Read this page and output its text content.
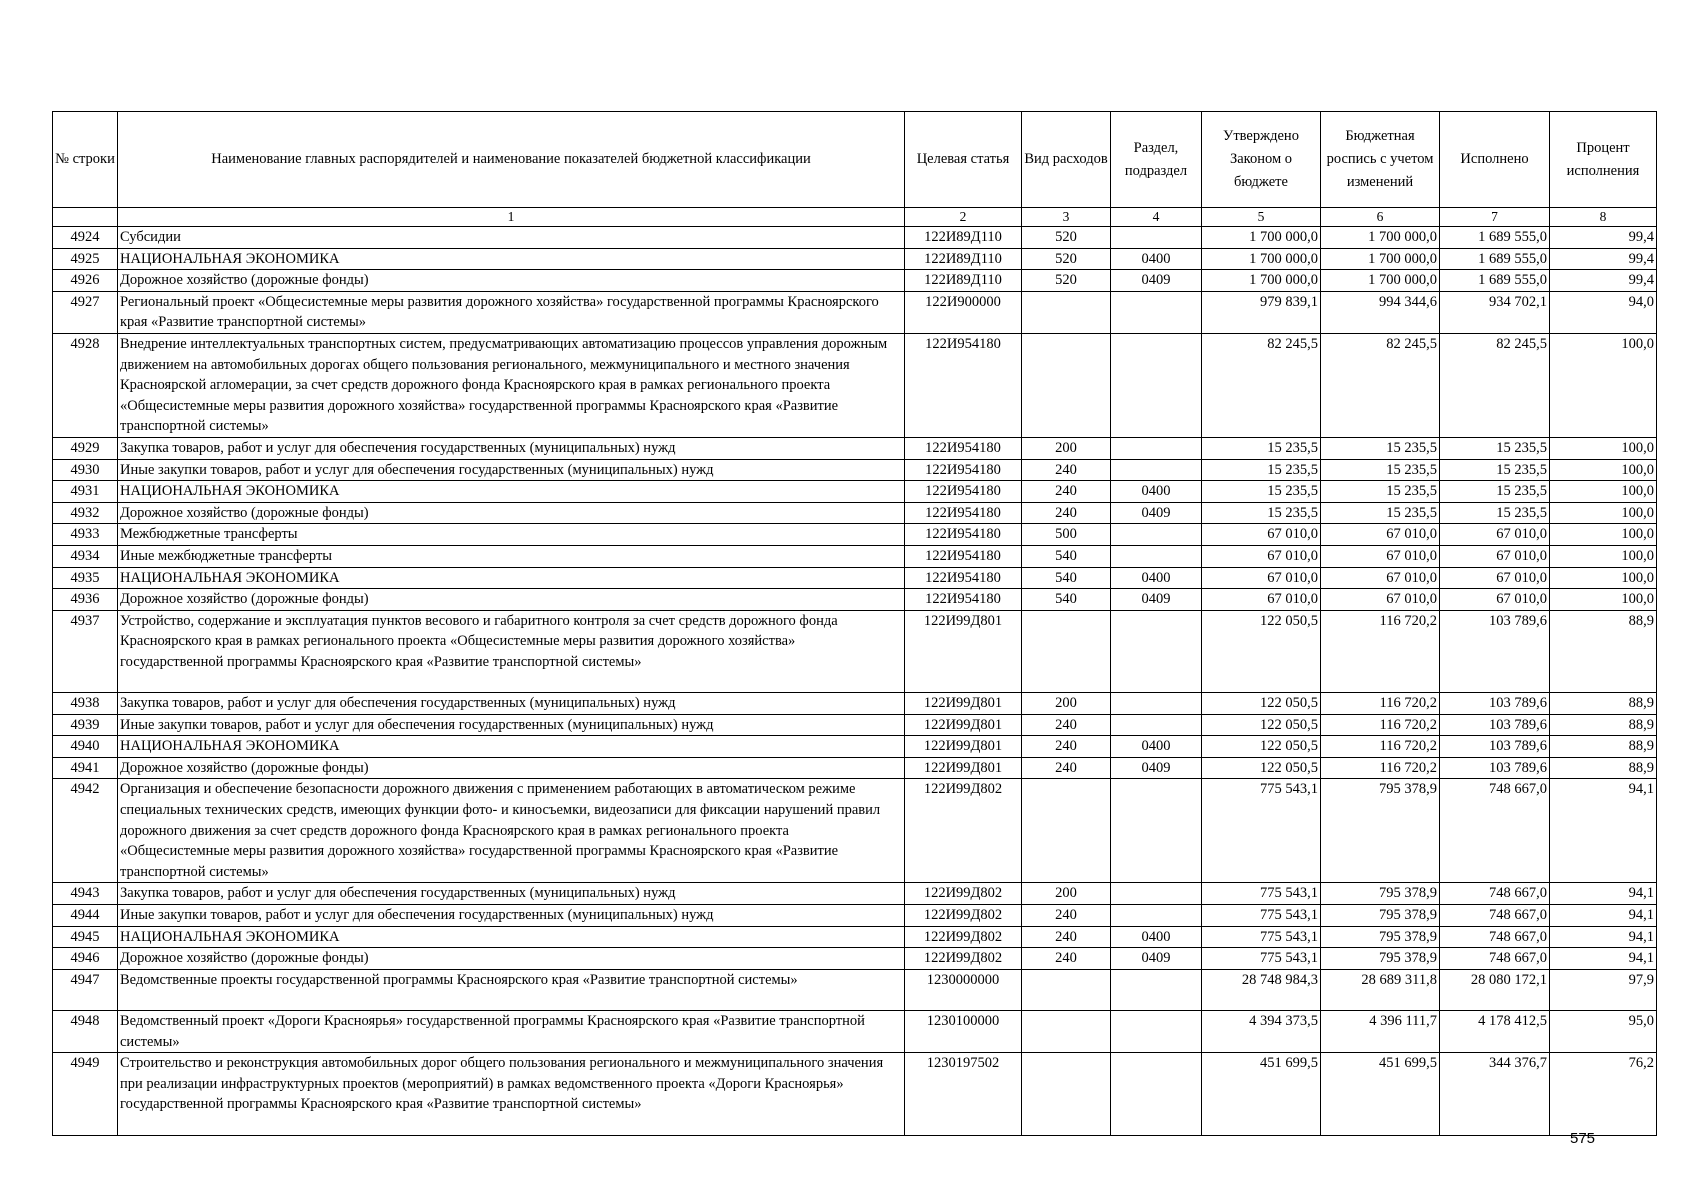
№ строки	Наименование главных распорядителей и наименование показателей бюджетной классификации	Целевая статья	Вид расходов	Раздел, подраздел	Утверждено Законом о бюджете	Бюджетная роспись с учетом изменений	Исполнено	Процент исполнения
	1	2	3	4	5	6	7	8
4924	Субсидии	122И89Д110	520		1 700 000,0	1 700 000,0	1 689 555,0	99,4
4925	НАЦИОНАЛЬНАЯ ЭКОНОМИКА	122И89Д110	520	0400	1 700 000,0	1 700 000,0	1 689 555,0	99,4
4926	Дорожное хозяйство (дорожные фонды)	122И89Д110	520	0409	1 700 000,0	1 700 000,0	1 689 555,0	99,4
4927	Региональный проект «Общесистемные меры развития дорожного хозяйства» государственной программы Красноярского края «Развитие транспортной системы»	122И900000			979 839,1	994 344,6	934 702,1	94,0
4928	Внедрение интеллектуальных транспортных систем, предусматривающих автоматизацию процессов управления дорожным движением на автомобильных дорогах общего пользования регионального, межмуниципального и местного значения Красноярской агломерации, за счет средств дорожного фонда Красноярского края в рамках регионального проекта «Общесистемные меры развития дорожного хозяйства» государственной программы Красноярского края «Развитие транспортной системы»	122И954180			82 245,5	82 245,5	82 245,5	100,0
4929	Закупка товаров, работ и услуг для обеспечения государственных (муниципальных) нужд	122И954180	200		15 235,5	15 235,5	15 235,5	100,0
4930	Иные закупки товаров, работ и услуг для обеспечения государственных (муниципальных) нужд	122И954180	240		15 235,5	15 235,5	15 235,5	100,0
4931	НАЦИОНАЛЬНАЯ ЭКОНОМИКА	122И954180	240	0400	15 235,5	15 235,5	15 235,5	100,0
4932	Дорожное хозяйство (дорожные фонды)	122И954180	240	0409	15 235,5	15 235,5	15 235,5	100,0
4933	Межбюджетные трансферты	122И954180	500		67 010,0	67 010,0	67 010,0	100,0
4934	Иные межбюджетные трансферты	122И954180	540		67 010,0	67 010,0	67 010,0	100,0
4935	НАЦИОНАЛЬНАЯ ЭКОНОМИКА	122И954180	540	0400	67 010,0	67 010,0	67 010,0	100,0
4936	Дорожное хозяйство (дорожные фонды)	122И954180	540	0409	67 010,0	67 010,0	67 010,0	100,0
4937	Устройство, содержание и эксплуатация пунктов весового и габаритного контроля за счет средств дорожного фонда Красноярского края в рамках регионального проекта «Общесистемные меры развития дорожного хозяйства» государственной программы Красноярского края «Развитие транспортной системы»	122И99Д801			122 050,5	116 720,2	103 789,6	88,9
4938	Закупка товаров, работ и услуг для обеспечения государственных (муниципальных) нужд	122И99Д801	200		122 050,5	116 720,2	103 789,6	88,9
4939	Иные закупки товаров, работ и услуг для обеспечения государственных (муниципальных) нужд	122И99Д801	240		122 050,5	116 720,2	103 789,6	88,9
4940	НАЦИОНАЛЬНАЯ ЭКОНОМИКА	122И99Д801	240	0400	122 050,5	116 720,2	103 789,6	88,9
4941	Дорожное хозяйство (дорожные фонды)	122И99Д801	240	0409	122 050,5	116 720,2	103 789,6	88,9
4942	Организация и обеспечение безопасности дорожного движения с применением работающих в автоматическом режиме специальных технических средств, имеющих функции фото- и киносъемки, видеозаписи для фиксации нарушений правил дорожного движения за счет средств дорожного фонда Красноярского края в рамках регионального проекта «Общесистемные меры развития дорожного хозяйства» государственной программы Красноярского края «Развитие транспортной системы»	122И99Д802			775 543,1	795 378,9	748 667,0	94,1
4943	Закупка товаров, работ и услуг для обеспечения государственных (муниципальных) нужд	122И99Д802	200		775 543,1	795 378,9	748 667,0	94,1
4944	Иные закупки товаров, работ и услуг для обеспечения государственных (муниципальных) нужд	122И99Д802	240		775 543,1	795 378,9	748 667,0	94,1
4945	НАЦИОНАЛЬНАЯ ЭКОНОМИКА	122И99Д802	240	0400	775 543,1	795 378,9	748 667,0	94,1
4946	Дорожное хозяйство (дорожные фонды)	122И99Д802	240	0409	775 543,1	795 378,9	748 667,0	94,1
4947	Ведомственные проекты государственной программы Красноярского края «Развитие транспортной системы»	1230000000			28 748 984,3	28 689 311,8	28 080 172,1	97,9
4948	Ведомственный проект «Дороги Красноярья» государственной программы Красноярского края «Развитие транспортной системы»	1230100000			4 394 373,5	4 396 111,7	4 178 412,5	95,0
4949	Строительство и реконструкция автомобильных дорог общего пользования регионального и межмуниципального значения при реализации инфраструктурных проектов (мероприятий) в рамках ведомственного проекта «Дороги Красноярья» государственной программы Красноярского края «Развитие транспортной системы»	1230197502			451 699,5	451 699,5	344 376,7	76,2
575
